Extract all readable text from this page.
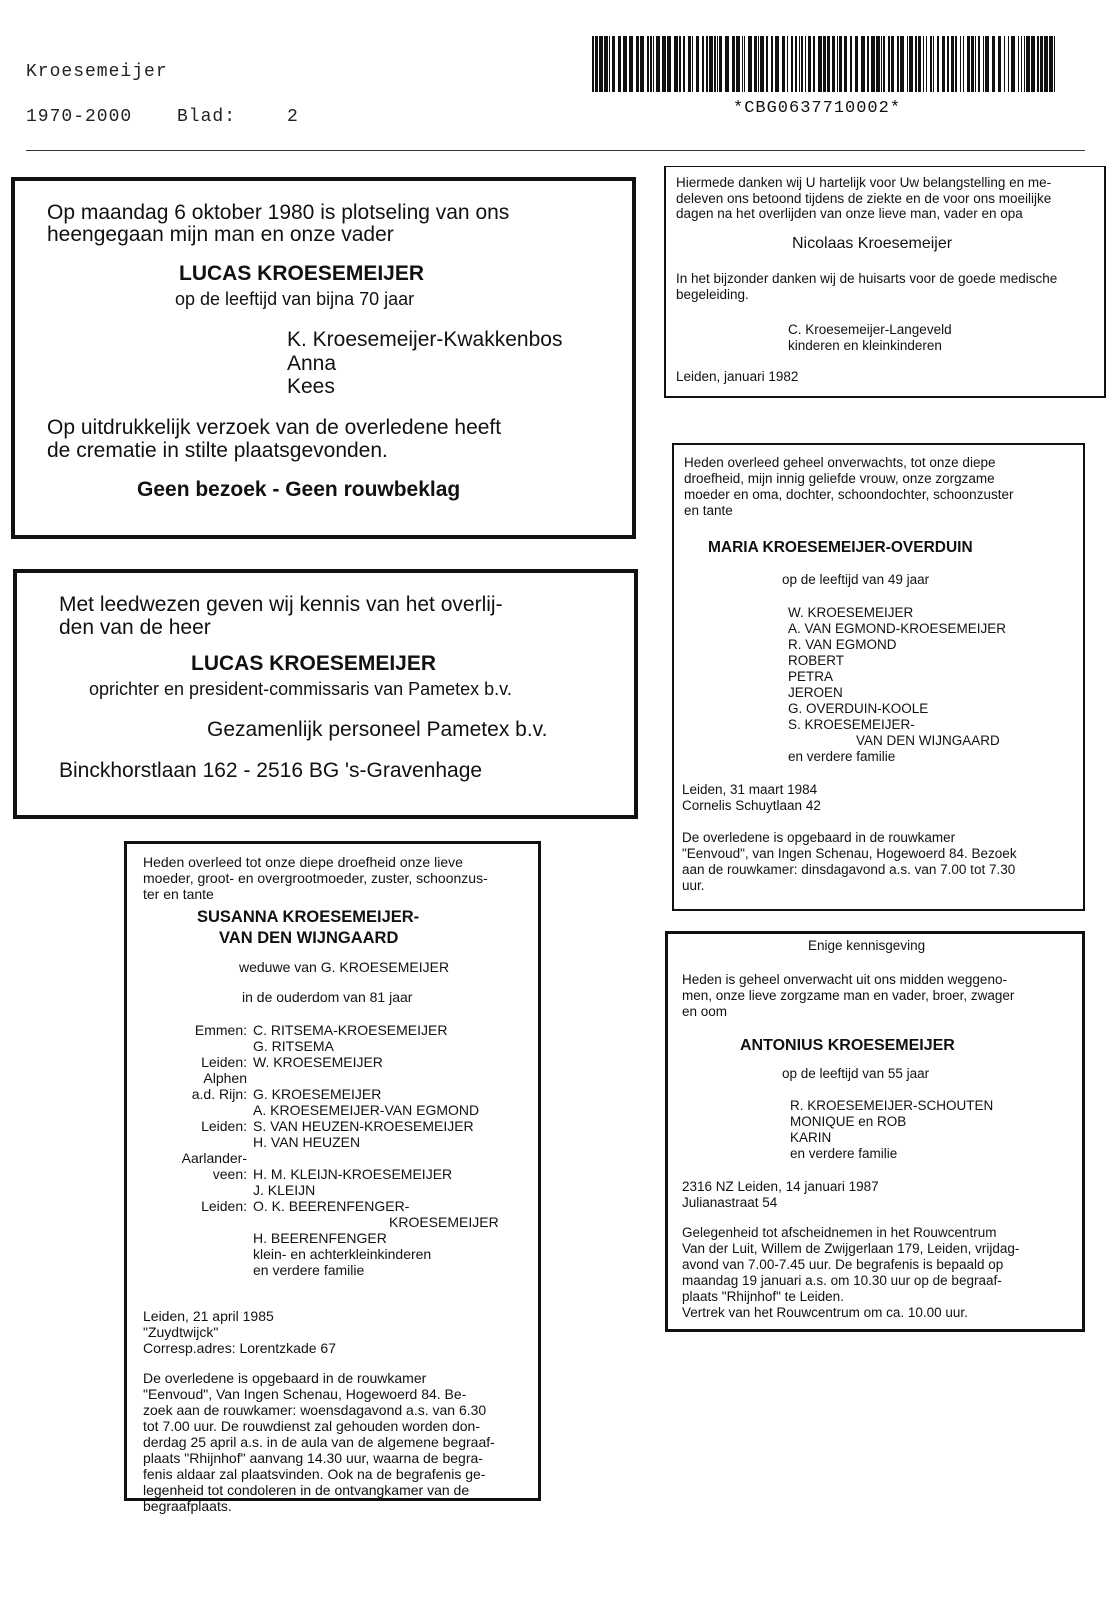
Kroesemeijer
1970-2000 Blad:	2	*CBG0637710002*
Op maandag 6 oktober 1980 is plotseling van ons
heengegaan mijn man en onze vader
LUCAS KROESEMEIJER
op de leeftijd van bijna 70 jaar
K. Kroesemeijer-Kwakkenbos
Anna
Kees
Op uitdrukkelijk verzoek van de overledene heeft
de crematie in stilte plaatsgevonden.
Geen bezoek - Geen rouwbeklag
Met leedwezen geven wij kennis van het overlij-
den van de heer
LUCAS KROESEMEIJER
oprichter en president-commissaris van Pametex b.v.
Gezamenlijk personeel Pametex b.v.
Binckhorstlaan 162 - 2516 BG 's-Gravenhage
Heden overleed tot onze diepe droefheid onze lieve
moeder, groot- en overgrootmoeder, zuster, schoonzus-
ter en tante
SUSANNA KROESEMEIJER-
VAN DEN WIJNGAARD
weduwe van G. KROESEMEIJER
in de ouderdom van 81 jaar
Emmen: C. RITSEMA-KROESEMEIJER
G. RITSEMA
Leiden: W. KROESEMEIJER
Alphen
a.d. Rijn: G. KROESEMEIJER
A. KROESEMEIJER-VAN EGMOND
Leiden: S. VAN HEUZEN-KROESEMEIJER
H. VAN HEUZEN
Aarlander-
veen: H. M. KLEIJN-KROESEMEIJER
J. KLEIJN
Leiden: O. K. BEERENFENGER-
KROESEMEIJER
H. BEERENFENGER
klein- en achterkleinkinderen
en verdere familie
Leiden, 21 april 1985
"Zuydtwijck"
Corresp.adres: Lorentzkade 67
De overledene is opgebaard in de rouwkamer
"Eenvoud", Van Ingen Schenau, Hogewoerd 84. Be-
zoek aan de rouwkamer: woensdagavond a.s. van 6.30
tot 7.00 uur. De rouwdienst zal gehouden worden don-
derdag 25 april a.s. in de aula van de algemene begraaf-
plaats "Rhijnhof" aanvang 14.30 uur, waarna de begra-
fenis aldaar zal plaatsvinden. Ook na de begrafenis ge-
legenheid tot condoleren in de ontvangkamer van de
begraafplaats.
Hiermede danken wij U hartelijk voor Uw belangstelling en me-
deleven ons betoond tijdens de ziekte en de voor ons moeilijke
dagen na het overlijden van onze lieve man, vader en opa
Nicolaas Kroesemeijer
In het bijzonder danken wij de huisarts voor de goede medische
begeleiding.
C. Kroesemeijer-Langeveld
kinderen en kleinkinderen
Leiden, januari 1982
Heden overleed geheel onverwachts, tot onze diepe
droefheid, mijn innig geliefde vrouw, onze zorgzame
moeder en oma, dochter, schoondochter, schoonzuster
en tante
MARIA KROESEMEIJER-OVERDUIN
op de leeftijd van 49 jaar
W. KROESEMEIJER
A. VAN EGMOND-KROESEMEIJER
R. VAN EGMOND
ROBERT
PETRA
JEROEN
G. OVERDUIN-KOOLE
S. KROESEMEIJER-
VAN DEN WIJNGAARD
en verdere familie
Leiden, 31 maart 1984
Cornelis Schuytlaan 42
De overledene is opgebaard in de rouwkamer
"Eenvoud", van Ingen Schenau, Hogewoerd 84. Bezoek
aan de rouwkamer: dinsdagavond a.s. van 7.00 tot 7.30
uur.
Enige kennisgeving
Heden is geheel onverwacht uit ons midden weggeno-
men, onze lieve zorgzame man en vader, broer, zwager
en oom
ANTONIUS KROESEMEIJER
op de leeftijd van 55 jaar
R. KROESEMEIJER-SCHOUTEN
MONIQUE en ROB
KARIN
en verdere familie
2316 NZ Leiden, 14 januari 1987
Julianastraat 54
Gelegenheid tot afscheidnemen in het Rouwcentrum
Van der Luit, Willem de Zwijgerlaan 179, Leiden, vrijdag-
avond van 7.00-7.45 uur. De begrafenis is bepaald op
maandag 19 januari a.s. om 10.30 uur op de begraaf-
plaats "Rhijnhof" te Leiden.
Vertrek van het Rouwcentrum om ca. 10.00 uur.
